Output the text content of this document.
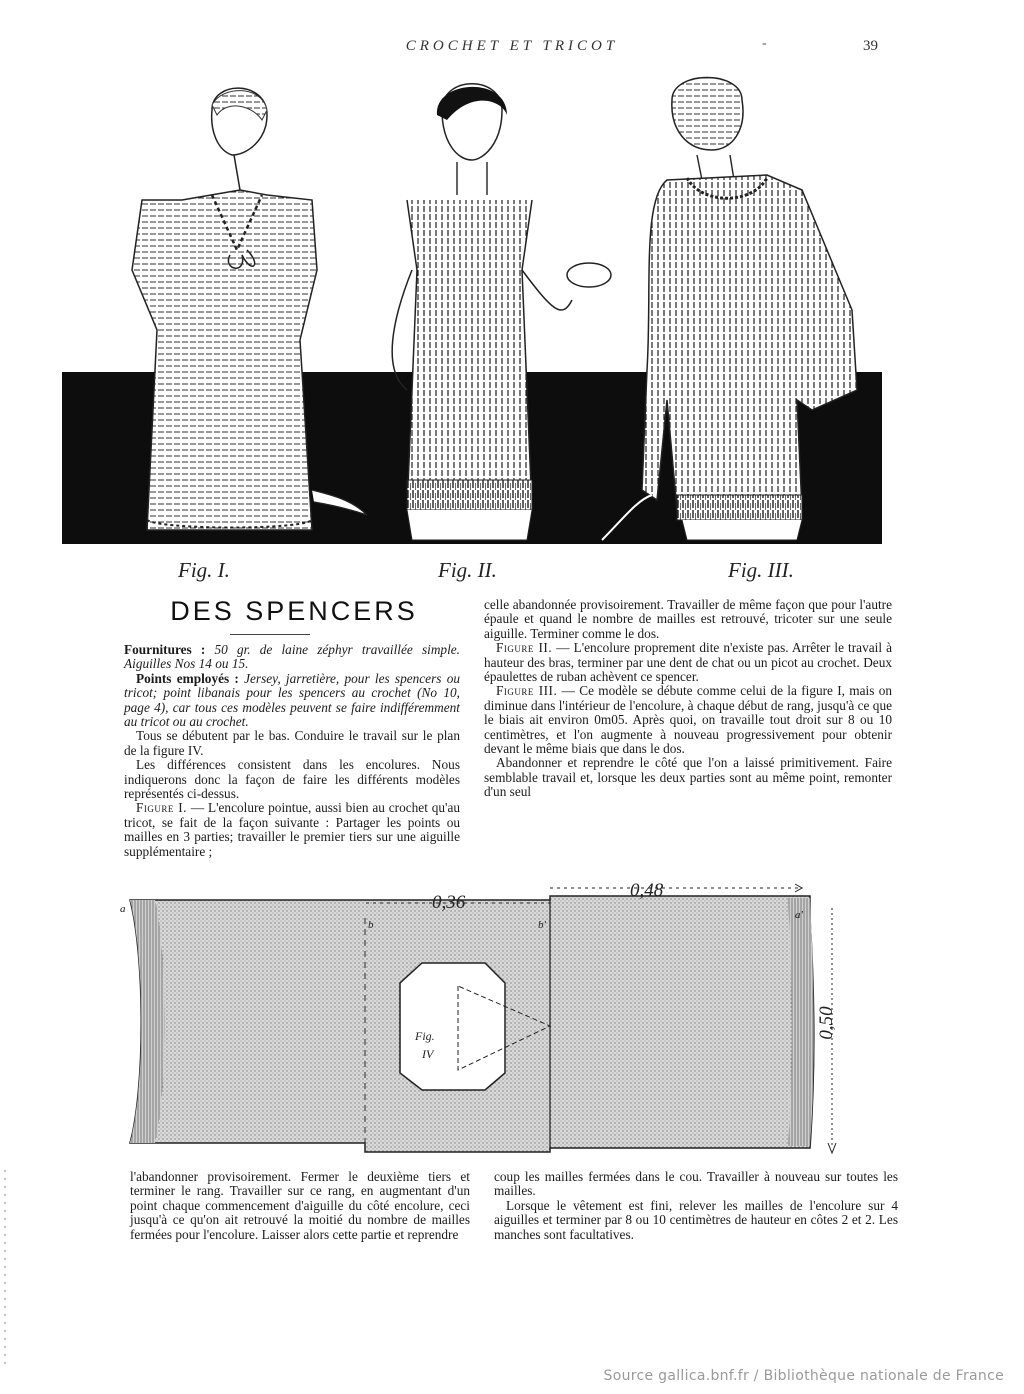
CROCHET ET TRICOT	-	39
Fig. I.	Fig. II.	Fig. III.
DES SPENCERS

Fournitures : 50 gr. de laine zéphyr travaillée simple. Aiguilles Nos 14 ou 15.

Points employés : Jersey, jarretière, pour les spencers ou tricot; point libanais pour les spencers au crochet (No 10, page 4), car tous ces modèles peuvent se faire indifféremment au tricot ou au crochet.

Tous se débutent par le bas. Conduire le travail sur le plan de la figure IV.

Les différences consistent dans les encolures. Nous indiquerons donc la façon de faire les différents modèles représentés ci-dessus.

Figure I. — L'encolure pointue, aussi bien au crochet qu'au tricot, se fait de la façon suivante : Partager les points ou mailles en 3 parties; travailler le premier tiers sur une aiguille supplémentaire ;

celle abandonnée provisoirement. Travailler de même façon que pour l'autre épaule et quand le nombre de mailles est retrouvé, tricoter sur une seule aiguille. Terminer comme le dos.

Figure II. — L'encolure proprement dite n'existe pas. Arrêter le travail à hauteur des bras, terminer par une dent de chat ou un picot au crochet. Deux épaulettes de ruban achèvent ce spencer.

Figure III. — Ce modèle se débute comme celui de la figure I, mais on diminue dans l'intérieur de l'encolure, à chaque début de rang, jusqu'à ce que le biais ait environ 0m05. Après quoi, on travaille tout droit sur 8 ou 10 centimètres, et l'on augmente à nouveau progressivement pour obtenir devant le même biais que dans le dos.

Abandonner et reprendre le côté que l'on a laissé primitivement. Faire semblable travail et, lorsque les deux parties sont au même point, remonter d'un seul

a	a'
b	b'
0,36
0,48
0,50
Fig.
IV

l'abandonner provisoirement. Fermer le deuxième tiers et terminer le rang. Travailler sur ce rang, en augmentant d'un point chaque commencement d'aiguille du côté encolure, ceci jusqu'à ce qu'on ait retrouvé la moitié du nombre de mailles fermées pour l'encolure. Laisser alors cette partie et reprendre

coup les mailles fermées dans le cou. Travailler à nouveau sur toutes les mailles.

Lorsque le vêtement est fini, relever les mailles de l'encolure sur 4 aiguilles et terminer par 8 ou 10 centimètres de hauteur en côtes 2 et 2. Les manches sont facultatives.

Source gallica.bnf.fr / Bibliothèque nationale de France
